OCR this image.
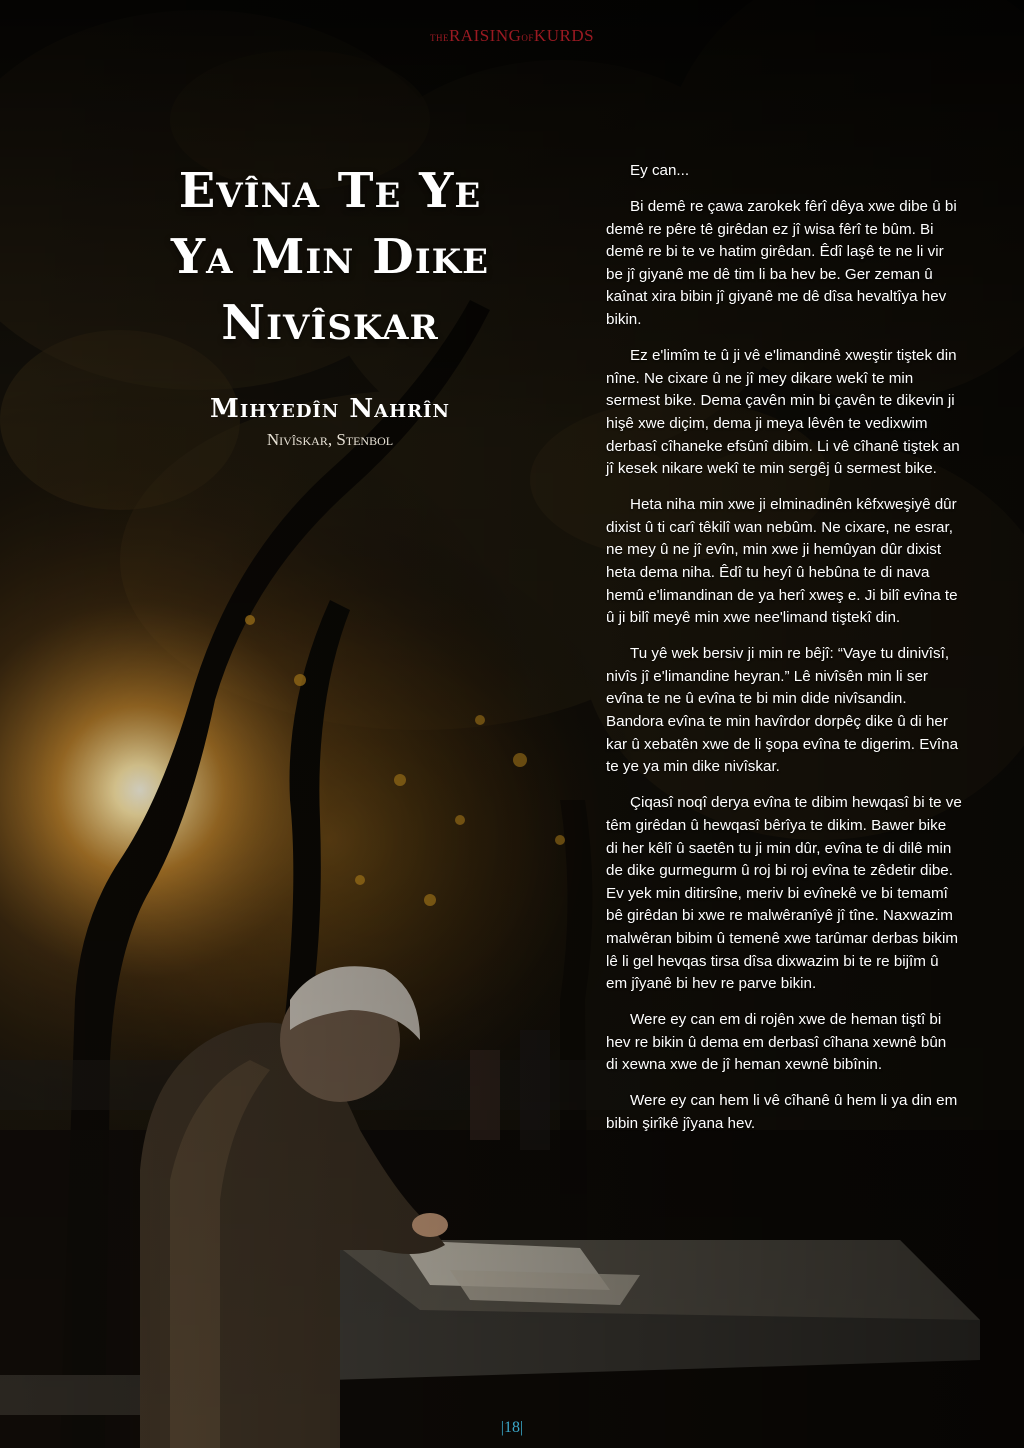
THERAISINGOFKURDS
Evîna Te Ye
Ya Min Dike
Nivîskar
Mihyedîn Nahrîn
Nivîskar, Stenbol

Ey can...

Bi demê re çawa zarokek fêrî dêya xwe dibe û bi demê re pêre tê girêdan ez jî wisa fêrî te bûm. Bi demê re bi te ve hatim girêdan. Êdî laşê te ne li vir be jî giyanê me dê tim li ba hev be. Ger zeman û kaînat xira bibin jî giyanê me dê dîsa hevaltîya hev bikin.

Ez e'limîm te û ji vê e'limandinê xweştir tiştek din nîne. Ne cixare û ne jî mey dikare wekî te min sermest bike. Dema çavên min bi çavên te dikevin ji hişê xwe diçim, dema ji meya lêvên te vedixwim derbasî cîhaneke efsûnî dibim. Li vê cîhanê tiştek an jî kesek nikare wekî te min sergêj û sermest bike.

Heta niha min xwe ji elminadinên kêfxweşiyê dûr dixist û ti carî têkilî wan nebûm. Ne cixare, ne esrar, ne mey û ne jî evîn, min xwe ji hemûyan dûr dixist heta dema niha. Êdî tu heyî û hebûna te di nava hemû e'limandinan de ya herî xweş e. Ji bilî evîna te û ji bilî meyê min xwe nee'limand tiştekî din.

Tu yê wek bersiv ji min re bêjî: “Vaye tu dinivîsî, nivîs jî e'limandine heyran.” Lê nivîsên min li ser evîna te ne û evîna te bi min dide nivîsandin. Bandora evîna te min havîrdor dorpêç dike û di her kar û xebatên xwe de li şopa evîna te digerim. Evîna te ye ya min dike nivîskar.

Çiqasî noqî derya evîna te dibim hewqasî bi te ve têm girêdan û hewqasî bêrîya te dikim. Bawer bike di her kêlî û saetên tu ji min dûr, evîna te di dilê min de dike gurmegurm û roj bi roj evîna te zêdetir dibe. Ev yek min ditirsîne, meriv bi evînekê ve bi temamî bê girêdan bi xwe re malwêranîyê jî tîne. Naxwazim malwêran bibim û temenê xwe tarûmar derbas bikim lê li gel hevqas tirsa dîsa dixwazim bi te re bijîm û em jîyanê bi hev re parve bikin.

Were ey can em di rojên xwe de heman tiştî bi hev re bikin û dema em derbasî cîhana xewnê bûn di xewna xwe de jî heman xewnê bibînin.

Were ey can hem li vê cîhanê û hem li ya din em bibin şirîkê jîyana hev.

|18|
